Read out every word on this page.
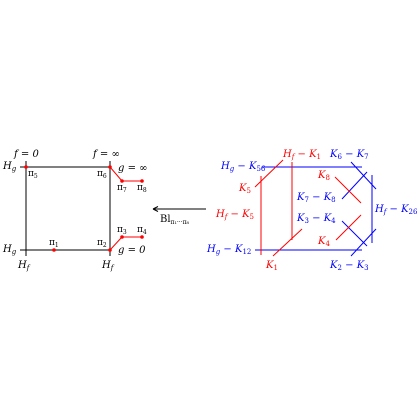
f = 0	f = ∞
g = ∞
g = 0
$H_g$
$H_g$
$H_f$	$H_f$
$\pi_5$	$\pi_6$
$\pi_7$ $\pi_8$
$\pi_1$	$\pi_2$
$\pi_3$ $\pi_4$
$Bl_{\pi_1\cdot\cdot\cdot\pi_8}$
$H_g - K_{56}$
$H_g - K_{12}$
$H_f - K_{26}$
$K_6 - K_7$
$K_7 - K_8$
$K_3 - K_4$
$K_2 - K_3$
$H_f - K_1$
$H_f - K_5$
$K_5$
$K_1$
$K_8$
$K_4$
